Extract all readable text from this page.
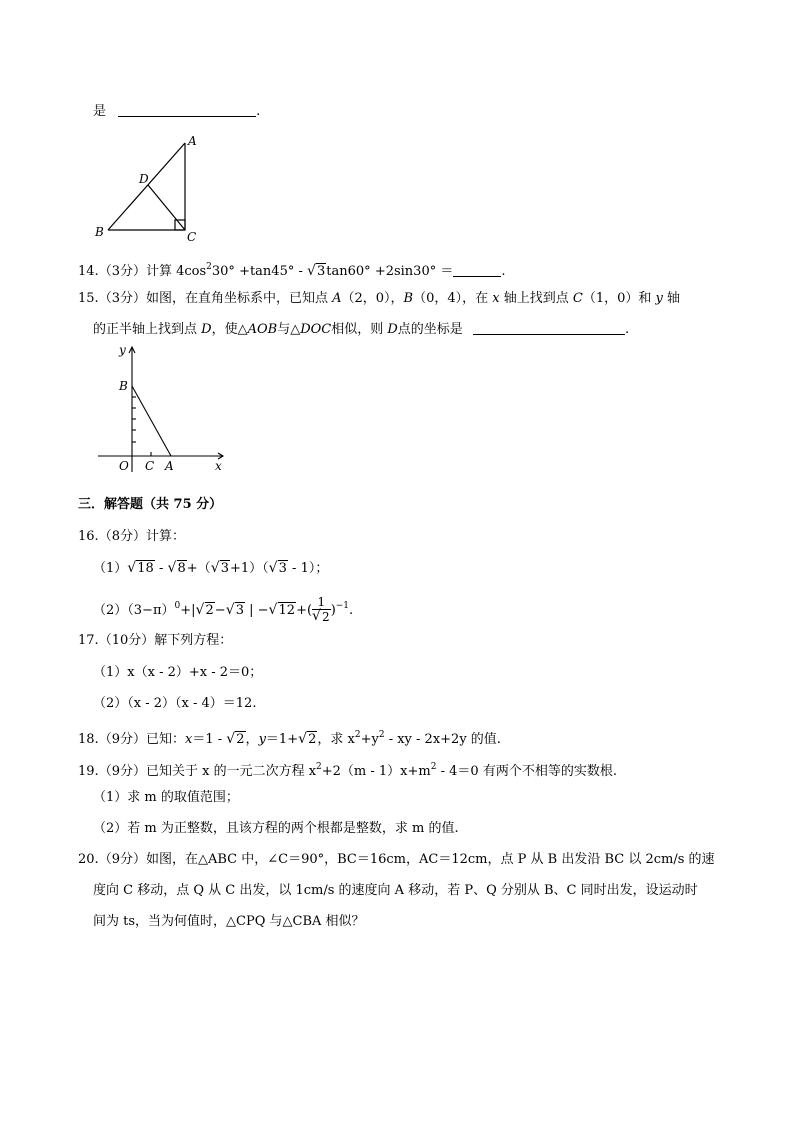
是	.
A
B	C
D
14.（3分）计算 $4\cos^230^\circ +\tan 45^\circ$ - √ 3tan60° +2sin30° ＝	.
15.（3分）如图，在直角坐标系中，已知点 A（2，0），B（0，4），在 x 轴上找到点 C（1，0）和 y 轴
的正半轴上找到点 D，使△AOB与△DOC相似，则 D点的坐标是	.
y
B
O C A	x
三．解答题（共 75 分）
16.（8分）计算：
（1）√ 18 - √ 8+（√ 3+1）（√ 3 - 1）；
$(2)(3-\pi)^0+|√$ 2−√ 3 | −√ 12+( 1
√ 2 )$^{-1}$.
17.（10分）解下列方程：
（1）x（x - 2）+x - 2＝0；
（2）（x - 2）（x - 4）＝12.
18.（9分）已知：x＝1 - √ 2，y＝1+√ 2，求 $x^2+y^2$ - xy - 2x+2y 的值.
19.（9分）已知关于 x 的一元二次方程 $x^2+2(m - 1)x+m^2 - 4=0$ 有两个不相等的实数根.
（1）求 m 的取值范围；
（2）若 m 为正整数，且该方程的两个根都是整数，求 m 的值.
20.（9分）如图，在△ABC 中，∠C＝90°，BC＝16cm，AC＝12cm，点 P 从 B 出发沿 BC 以 2cm/s 的速
度向 C 移动，点 Q 从 C 出发，以 1cm/s 的速度向 A 移动，若 P、Q 分别从 B、C 同时出发，设运动时
间为 ts，当为何值时，△CPQ 与△CBA 相似？
